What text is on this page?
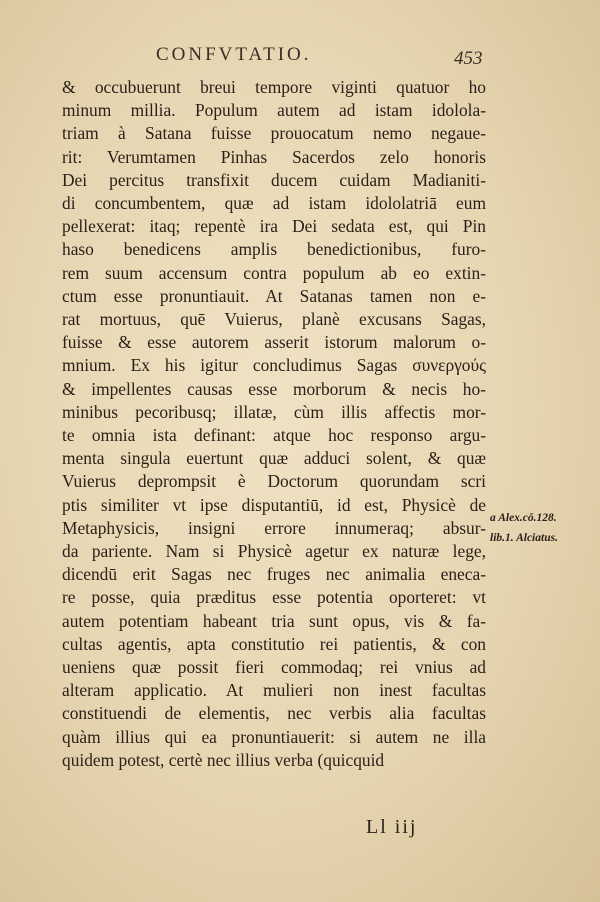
CONFVTATIO.	453
& occubuerunt breui tempore viginti quatuor ho
minum millia. Populum autem ad istam idolola-
triam à Satana fuisse prouocatum nemo negaue-
rit: Verumtamen Pinhas Sacerdos zelo honoris
Dei percitus transfixit ducem cuidam Madianiti-
di concumbentem, quæ ad istam idololatriā eum
pellexerat: itaq; repentè ira Dei sedata est, qui Pin
haso benedicens amplis benedictionibus, furo-
rem suum accensum contra populum ab eo extin-
ctum esse pronuntiauit. At Satanas tamen non e-
rat mortuus, quē Vuierus, planè excusans Sagas,
fuisse & esse autorem asserit istorum malorum o-
mnium. Ex his igitur concludimus Sagas συνεργούς
& impellentes causas esse morborum & necis ho-
minibus pecoribusq; illatæ, cùm illis affectis mor-
te omnia ista definant: atque hoc responso argu-
menta singula euertunt quæ adduci solent, & quæ
Vuierus deprompsit è Doctorum quorundam scri
ptis similiter vt ipse disputantiū, id est, Physicè de
Metaphysicis, insigni errore innumeraq; absur-
da pariente. Nam si Physicè agetur ex naturæ lege,
dicendū erit Sagas nec fruges nec animalia eneca-
re posse, quia præditus esse potentia oporteret: vt
autem potentiam habeant tria sunt opus, vis & fa-
cultas agentis, apta constitutio rei patientis, & con
ueniens quæ possit fieri commodaq; rei vnius ad
alteram applicatio. At mulieri non inest facultas
constituendi de elementis, nec verbis alia facultas
quàm illius qui ea pronuntiauerit: si autem ne illa
quidem potest, certè nec illius verba (quicquid
a Alex.cō.128.
lib.1. Alciatus.
Ll iij
